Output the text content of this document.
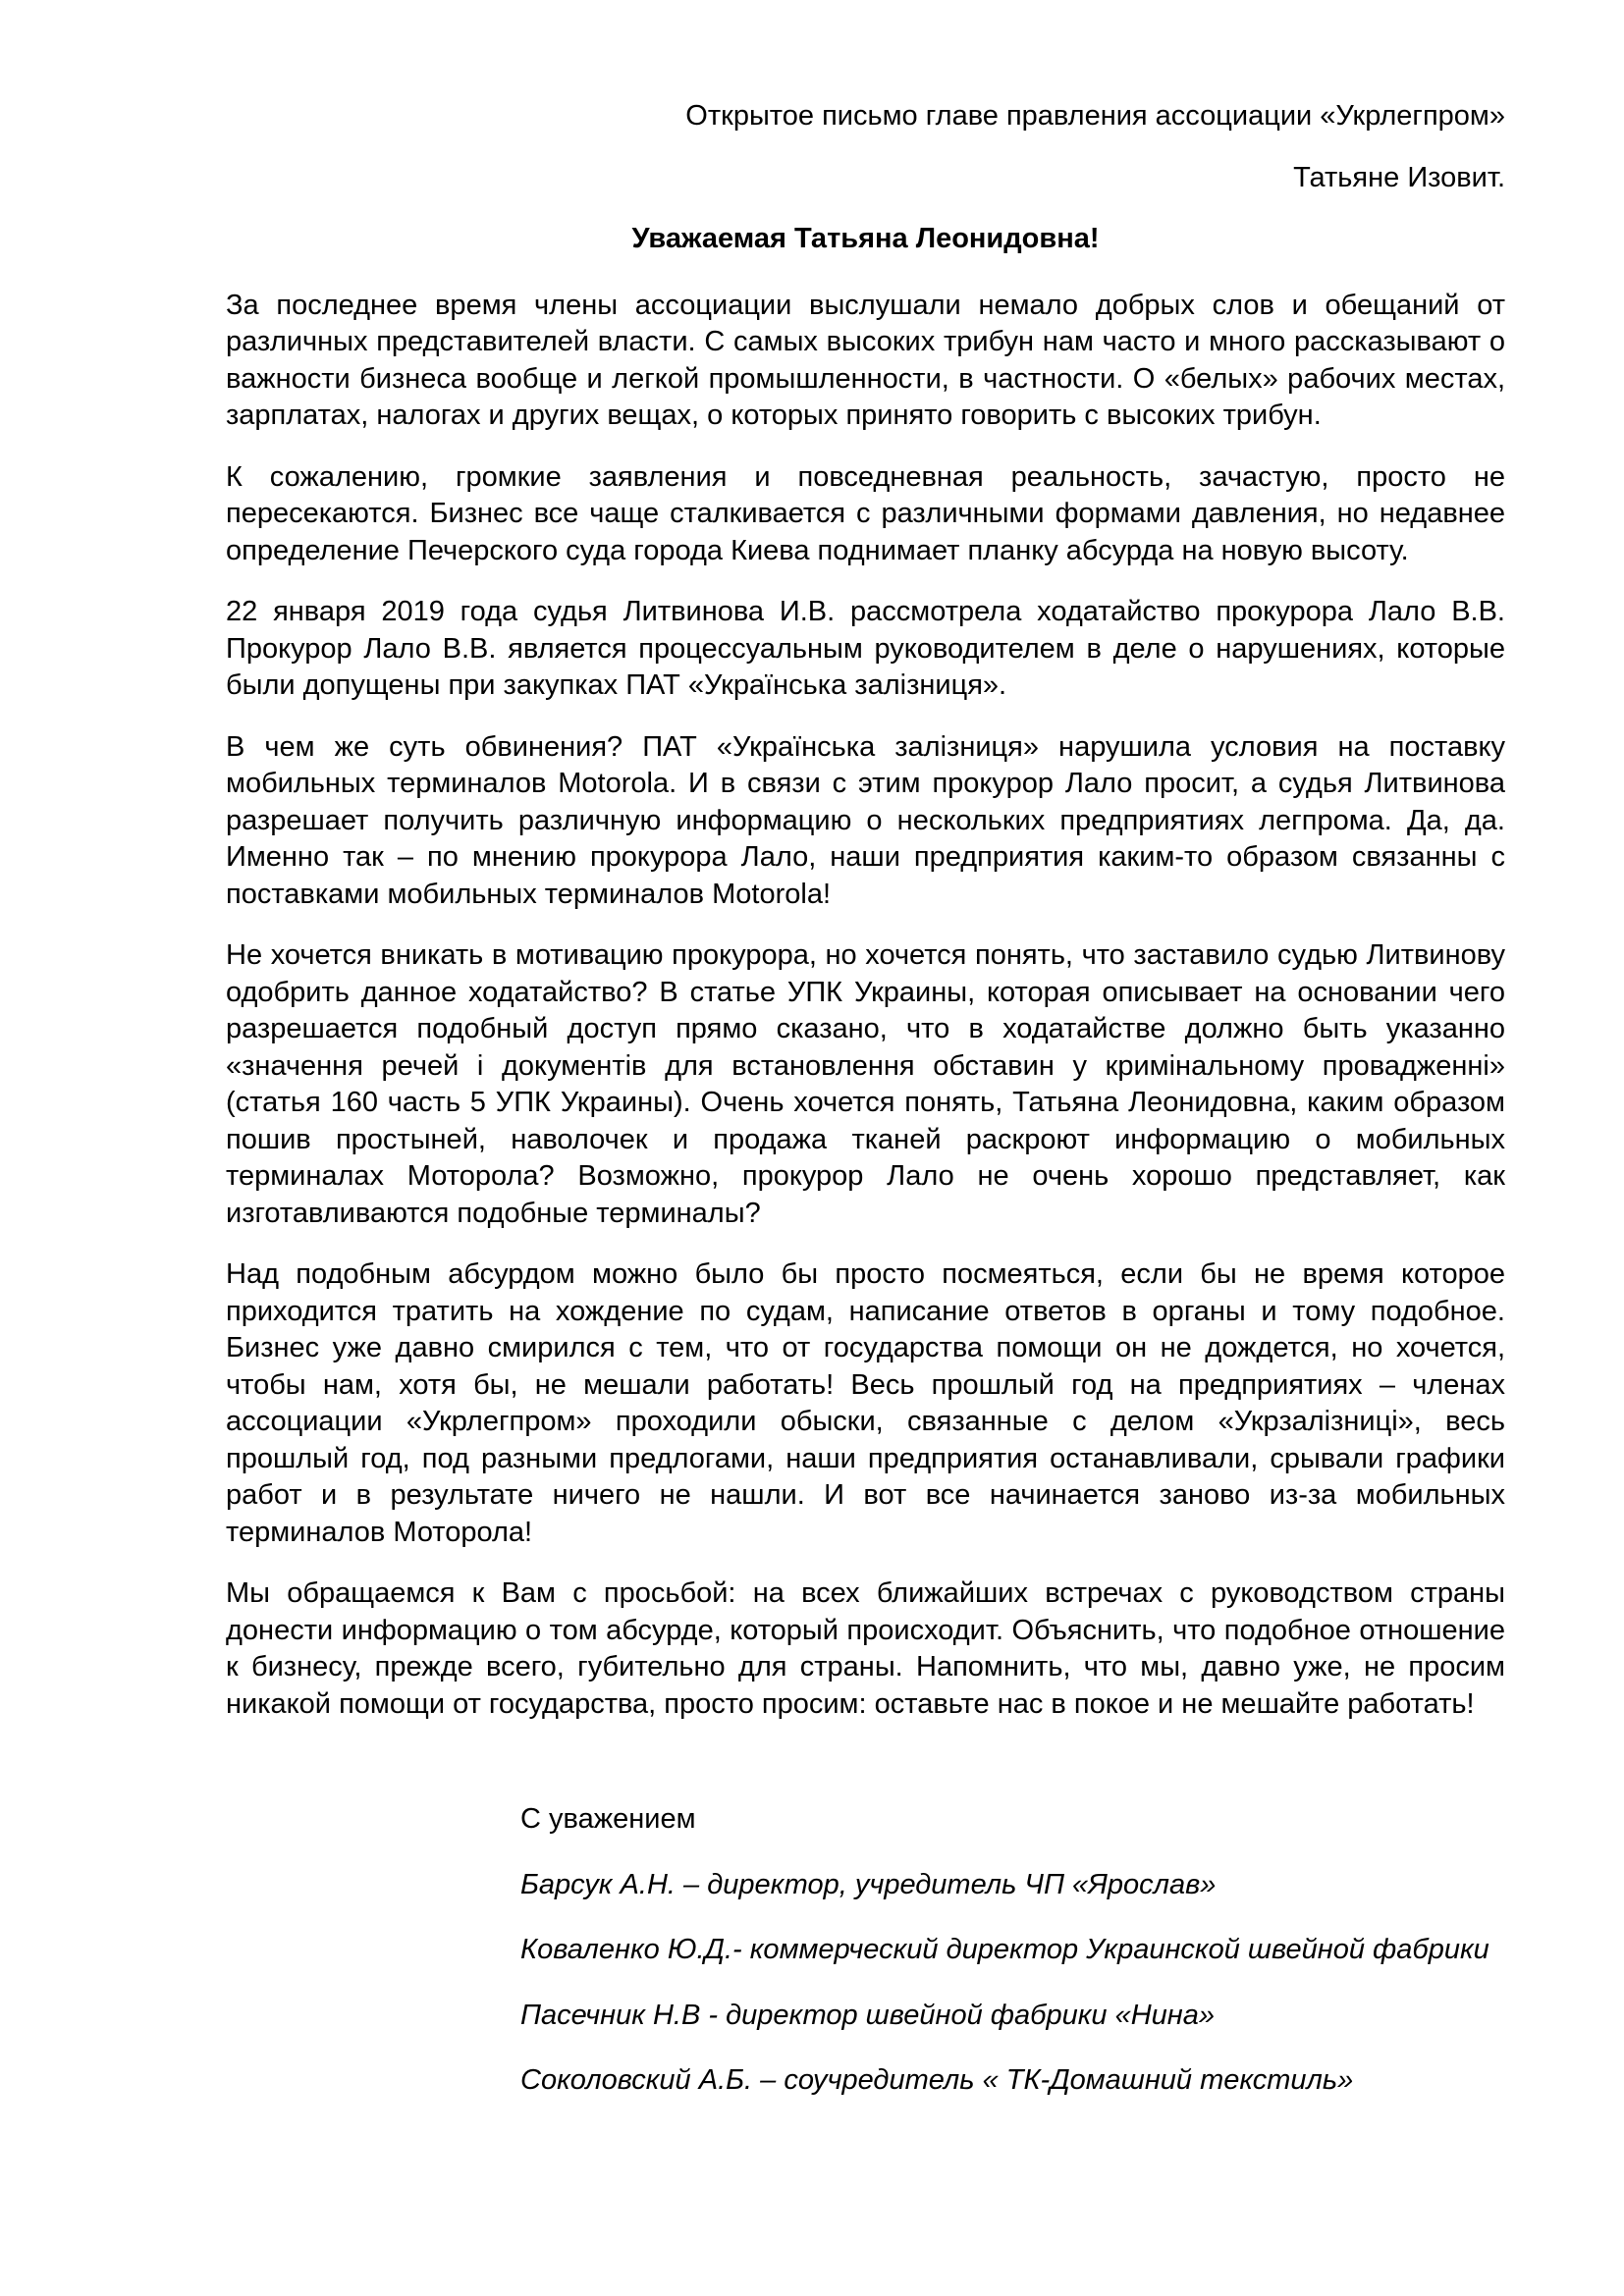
Открытое письмо главе правления ассоциации «Укрлегпром»

Татьяне Изовит.

Уважаемая Татьяна Леонидовна!

За последнее время члены ассоциации выслушали немало добрых слов и обещаний от различных представителей власти. С самых высоких трибун нам часто и много рассказывают о важности бизнеса вообще и легкой промышленности, в частности. О «белых» рабочих местах, зарплатах, налогах и других вещах, о которых принято говорить с высоких трибун.

К сожалению, громкие заявления и повседневная реальность, зачастую, просто не пересекаются. Бизнес все чаще сталкивается с различными формами давления, но недавнее определение Печерского суда города Киева поднимает планку абсурда на новую высоту.

22 января 2019 года судья Литвинова И.В. рассмотрела ходатайство прокурора Лало В.В. Прокурор Лало В.В. является процессуальным руководителем в деле о нарушениях, которые были допущены при закупках ПАТ «Українська залізниця».

В чем же суть обвинения? ПАТ «Українська залізниця» нарушила условия на поставку мобильных терминалов Motorola. И в связи с этим прокурор Лало просит, а судья Литвинова разрешает получить различную информацию о нескольких предприятиях легпрома. Да, да. Именно так – по мнению прокурора Лало, наши предприятия каким-то образом связанны с поставками мобильных терминалов Motorola!

Не хочется вникать в мотивацию прокурора, но хочется понять, что заставило судью Литвинову одобрить данное ходатайство? В статье УПК Украины, которая описывает на основании чего разрешается подобный доступ прямо сказано, что в ходатайстве должно быть указанно «значення речей і документів для встановлення обставин у кримінальному провадженні» (статья 160 часть 5 УПК Украины). Очень хочется понять, Татьяна Леонидовна, каким образом пошив простыней, наволочек и продажа тканей раскроют информацию о мобильных терминалах Моторола? Возможно, прокурор Лало не очень хорошо представляет, как изготавливаются подобные терминалы?

Над подобным абсурдом можно было бы просто посмеяться, если бы не время которое приходится тратить на хождение по судам, написание ответов в органы и тому подобное. Бизнес уже давно смирился с тем, что от государства помощи он не дождется, но хочется, чтобы нам, хотя бы, не мешали работать! Весь прошлый год на предприятиях – членах ассоциации «Укрлегпром» проходили обыски, связанные с делом «Укрзалізниці», весь прошлый год, под разными предлогами, наши предприятия останавливали, срывали графики работ и в результате ничего не нашли. И вот все начинается заново из-за мобильных терминалов Моторола!

Мы обращаемся к Вам с просьбой: на всех ближайших встречах с руководством страны донести информацию о том абсурде, который происходит. Объяснить, что подобное отношение к бизнесу, прежде всего, губительно для страны. Напомнить, что мы, давно уже, не просим никакой помощи от государства, просто просим: оставьте нас в покое и не мешайте работать!

С уважением

Барсук А.Н. – директор, учредитель ЧП «Ярослав»

Коваленко Ю.Д.- коммерческий директор Украинской швейной фабрики

Пасечник Н.В - директор швейной фабрики «Нина»

Соколовский А.Б. – соучредитель « ТК-Домашний текстиль»
